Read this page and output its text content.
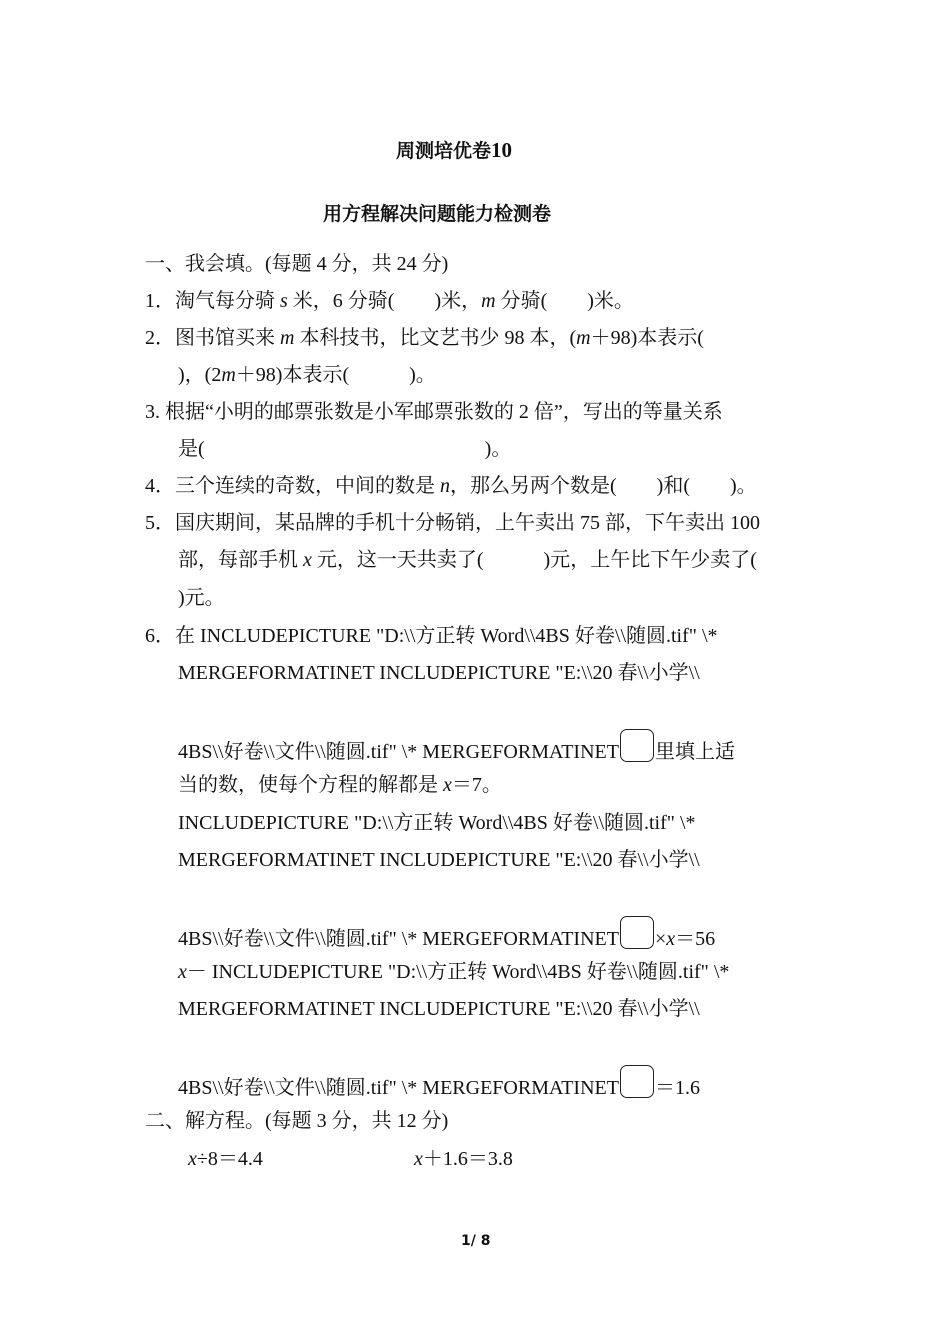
周测培优卷10
用方程解决问题能力检测卷
一、我会填。(每题 4 分，共 24 分)
1．淘气每分骑 s 米，6 分骑(　　)米，m 分骑(　　)米。
2．图书馆买来 m 本科技书，比文艺书少 98 本，(m＋98)本表示(
)，(2m＋98)本表示(　　　)。
3. 根据“小明的邮票张数是小军邮票张数的 2 倍”，写出的等量关系
是(　　　　　　　　　　　　　　)。
4．三个连续的奇数，中间的数是 n，那么另两个数是(　　)和(　　)。
5．国庆期间，某品牌的手机十分畅销，上午卖出 75 部，下午卖出 100
部，每部手机 x 元，这一天共卖了(　　　)元，上午比下午少卖了(
)元。
6．在 INCLUDEPICTURE "D:\\方正转 Word\\4BS 好卷\\随圆.tif" \*
MERGEFORMATINET INCLUDEPICTURE "E:\\20 春\\小学\\
4BS\\好卷\\文件\\随圆.tif" \* MERGEFORMATINET 里填上适
当的数，使每个方程的解都是 x＝7。
INCLUDEPICTURE "D:\\方正转 Word\\4BS 好卷\\随圆.tif" \*
MERGEFORMATINET INCLUDEPICTURE "E:\\20 春\\小学\\
4BS\\好卷\\文件\\随圆.tif" \* MERGEFORMATINET ×x＝56
x－ INCLUDEPICTURE "D:\\方正转 Word\\4BS 好卷\\随圆.tif" \*
MERGEFORMATINET INCLUDEPICTURE "E:\\20 春\\小学\\
4BS\\好卷\\文件\\随圆.tif" \* MERGEFORMATINET ＝1.6
二、解方程。(每题 3 分，共 12 分)
x÷8＝4.4	x＋1.6＝3.8
1/ 8
